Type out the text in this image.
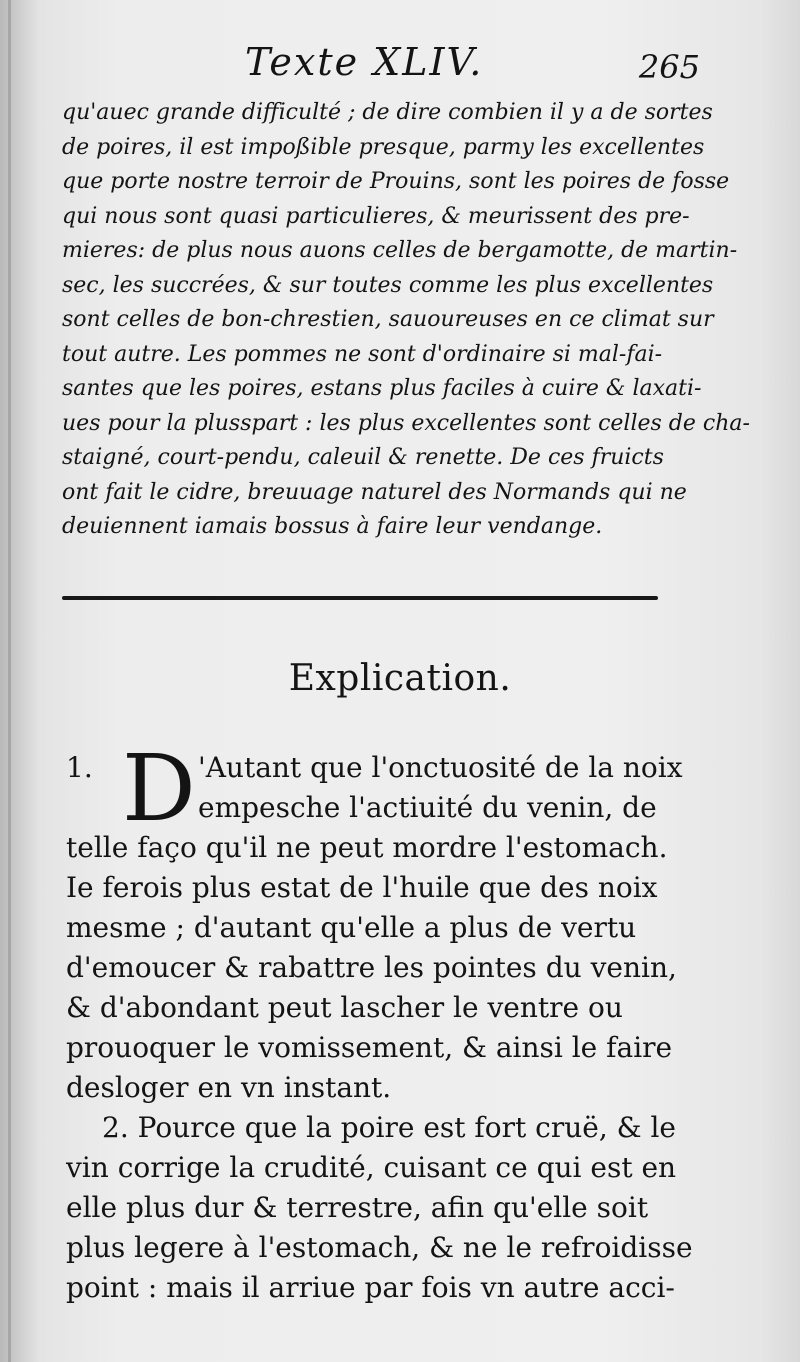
Texte XLIV.	265
qu'auec grande difficulté ; de dire combien il y a de sortes
de poires, il est impoßible presque, parmy les excellentes
que porte nostre terroir de Prouins, sont les poires de fosse
qui nous sont quasi particulieres, & meurissent des pre-
mieres: de plus nous auons celles de bergamotte, de martin-
sec, les succrées, & sur toutes comme les plus excellentes
sont celles de bon-chrestien, sauoureuses en ce climat sur
tout autre. Les pommes ne sont d'ordinaire si mal-fai-
santes que les poires, estans plus faciles à cuire & laxati-
ues pour la plusspart : les plus excellentes sont celles de cha-
staigné, court-pendu, caleuil & renette. De ces fruicts
ont fait le cidre, breuuage naturel des Normands qui ne
deuiennent iamais bossus à faire leur vendange.
Explication.
1. D 'Autant que l'onctuosité de la noix
empesche l'actiuité du venin, de
telle faço qu'il ne peut mordre l'estomach.
Ie ferois plus estat de l'huile que des noix
mesme ; d'autant qu'elle a plus de vertu
d'emoucer & rabattre les pointes du venin,
& d'abondant peut lascher le ventre ou
prouoquer le vomissement, & ainsi le faire
desloger en vn instant.
2. Pource que la poire est fort cruë, & le
vin corrige la crudité, cuisant ce qui est en
elle plus dur & terrestre, afin qu'elle soit
plus legere à l'estomach, & ne le refroidisse
point : mais il arriue par fois vn autre acci-
